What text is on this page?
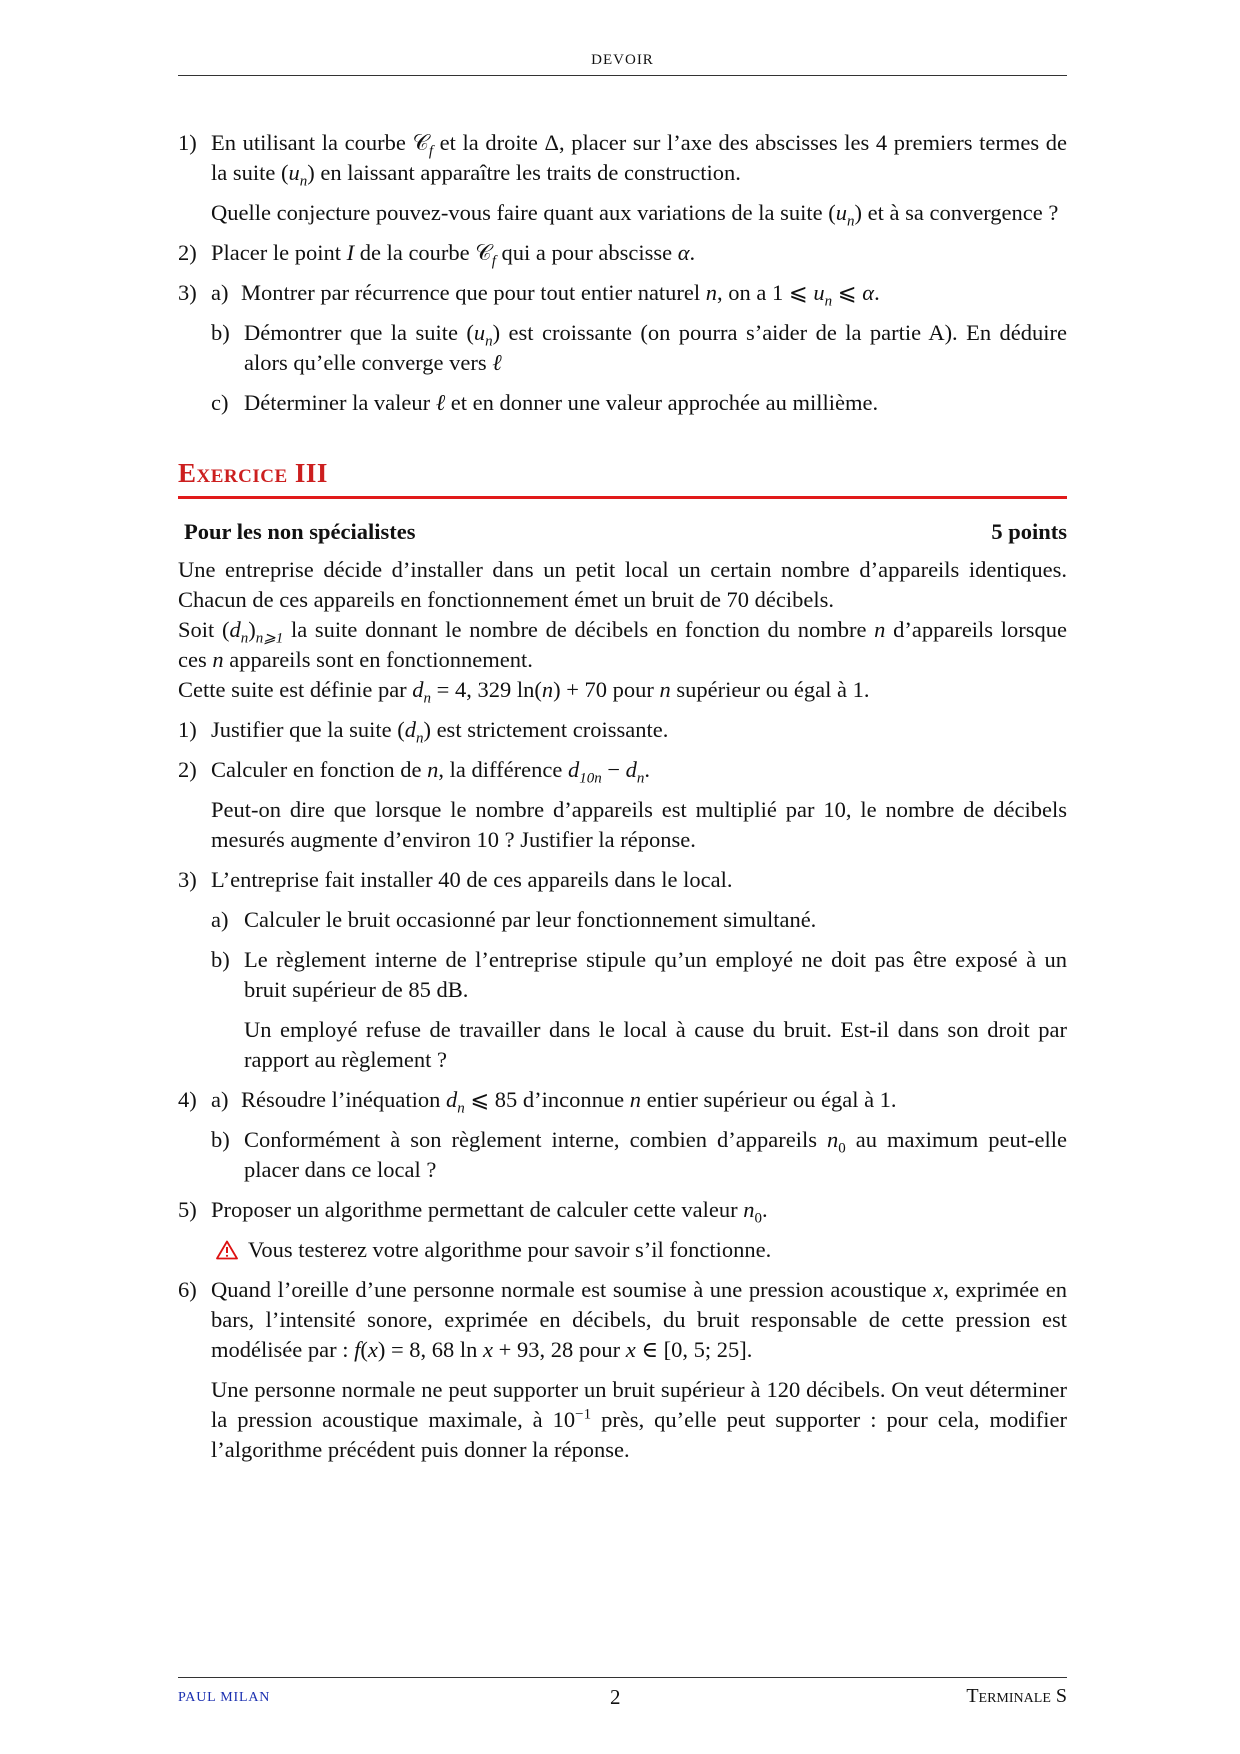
DEVOIR
1) En utilisant la courbe 𝒞$_f$ et la droite Δ, placer sur l’axe des abscisses les 4 premiers termes de la suite $(u_n)$ en laissant apparaître les traits de construction.
Quelle conjecture pouvez-vous faire quant aux variations de la suite $(u_n)$ et à sa convergence ?
2) Placer le point I de la courbe 𝒞$_f$ qui a pour abscisse α.
3) a) Montrer par récurrence que pour tout entier naturel n, on a 1 ⩽ $u_n$ ⩽ α.
b) Démontrer que la suite $(u_n)$ est croissante (on pourra s’aider de la partie A). En déduire alors qu’elle converge vers ℓ
c) Déterminer la valeur ℓ et en donner une valeur approchée au millième.
Exercice III
Pour les non spécialistes	5 points

Une entreprise décide d’installer dans un petit local un certain nombre d’appareils identiques. Chacun de ces appareils en fonctionnement émet un bruit de 70 décibels.

Soit $(d_n)_{n⩾1}$ la suite donnant le nombre de décibels en fonction du nombre n d’appareils lorsque ces n appareils sont en fonctionnement.

Cette suite est définie par $d_n = 4$, 329 ln(n) + 70 pour n supérieur ou égal à 1.

1) Justifier que la suite $(d_n)$ est strictement croissante.
2) Calculer en fonction de n, la différence $d_{10n} - d_n$.
Peut-on dire que lorsque le nombre d’appareils est multiplié par 10, le nombre de décibels mesurés augmente d’environ 10 ? Justifier la réponse.
3) L’entreprise fait installer 40 de ces appareils dans le local.
a) Calculer le bruit occasionné par leur fonctionnement simultané.
b) Le règlement interne de l’entreprise stipule qu’un employé ne doit pas être exposé à un bruit supérieur de 85 dB.
Un employé refuse de travailler dans le local à cause du bruit. Est-il dans son droit par rapport au règlement ?
4) a) Résoudre l’inéquation $d_n$ ⩽ 85 d’inconnue n entier supérieur ou égal à 1.
b) Conformément à son règlement interne, combien d’appareils $n_0$ au maximum peut-elle placer dans ce local ?
5) Proposer un algorithme permettant de calculer cette valeur $n_0$.
Vous testerez votre algorithme pour savoir s’il fonctionne.
6) Quand l’oreille d’une personne normale est soumise à une pression acoustique x, exprimée en bars, l’intensité sonore, exprimée en décibels, du bruit responsable de cette pression est modélisée par : f(x) = 8, 68 ln x + 93, 28 pour x ∈ [0, 5; 25].
Une personne normale ne peut supporter un bruit supérieur à 120 décibels. On veut déterminer la pression acoustique maximale, à $10^{-1}$ près, qu’elle peut supporter : pour cela, modifier l’algorithme précédent puis donner la réponse.
PAUL MILAN	2	Terminale S
